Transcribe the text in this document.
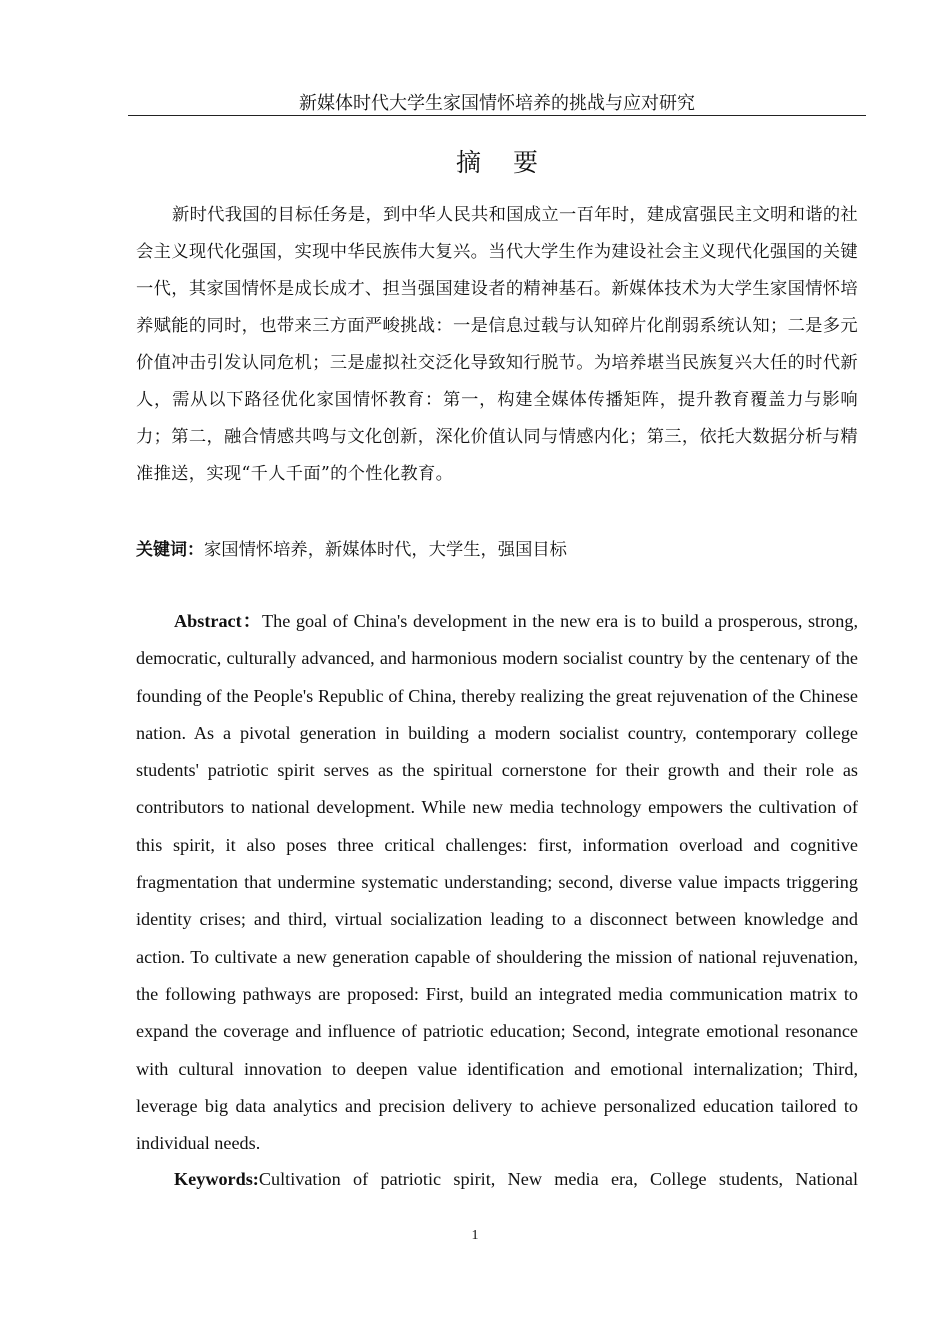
新媒体时代大学生家国情怀培养的挑战与应对研究
摘 要

新时代我国的目标任务是，到中华人民共和国成立一百年时，建成富强民主文明和谐的社会主义现代化强国，实现中华民族伟大复兴。当代大学生作为建设社会主义现代化强国的关键一代，其家国情怀是成长成才、担当强国建设者的精神基石。新媒体技术为大学生家国情怀培养赋能的同时，也带来三方面严峻挑战：一是信息过载与认知碎片化削弱系统认知；二是多元价值冲击引发认同危机；三是虚拟社交泛化导致知行脱节。为培养堪当民族复兴大任的时代新人，需从以下路径优化家国情怀教育：第一，构建全媒体传播矩阵，提升教育覆盖力与影响力；第二，融合情感共鸣与文化创新，深化价值认同与情感内化；第三，依托大数据分析与精准推送，实现“千人千面”的个性化教育。

关键词：家国情怀培养，新媒体时代，大学生，强国目标

Abstract：The goal of China's development in the new era is to build a prosperous, strong, democratic, culturally advanced, and harmonious modern socialist country by the centenary of the founding of the People's Republic of China, thereby realizing the great rejuvenation of the Chinese nation. As a pivotal generation in building a modern socialist country, contemporary college students' patriotic spirit serves as the spiritual cornerstone for their growth and their role as contributors to national development. While new media technology empowers the cultivation of this spirit, it also poses three critical challenges: first, information overload and cognitive fragmentation that undermine systematic understanding; second, diverse value impacts triggering identity crises; and third, virtual socialization leading to a disconnect between knowledge and action. To cultivate a new generation capable of shouldering the mission of national rejuvenation, the following pathways are proposed: First, build an integrated media communication matrix to expand the coverage and influence of patriotic education; Second, integrate emotional resonance with cultural innovation to deepen value identification and emotional internalization; Third, leverage big data analytics and precision delivery to achieve personalized education tailored to individual needs.

Keywords:Cultivation of patriotic spirit, New media era, College students, National

1
